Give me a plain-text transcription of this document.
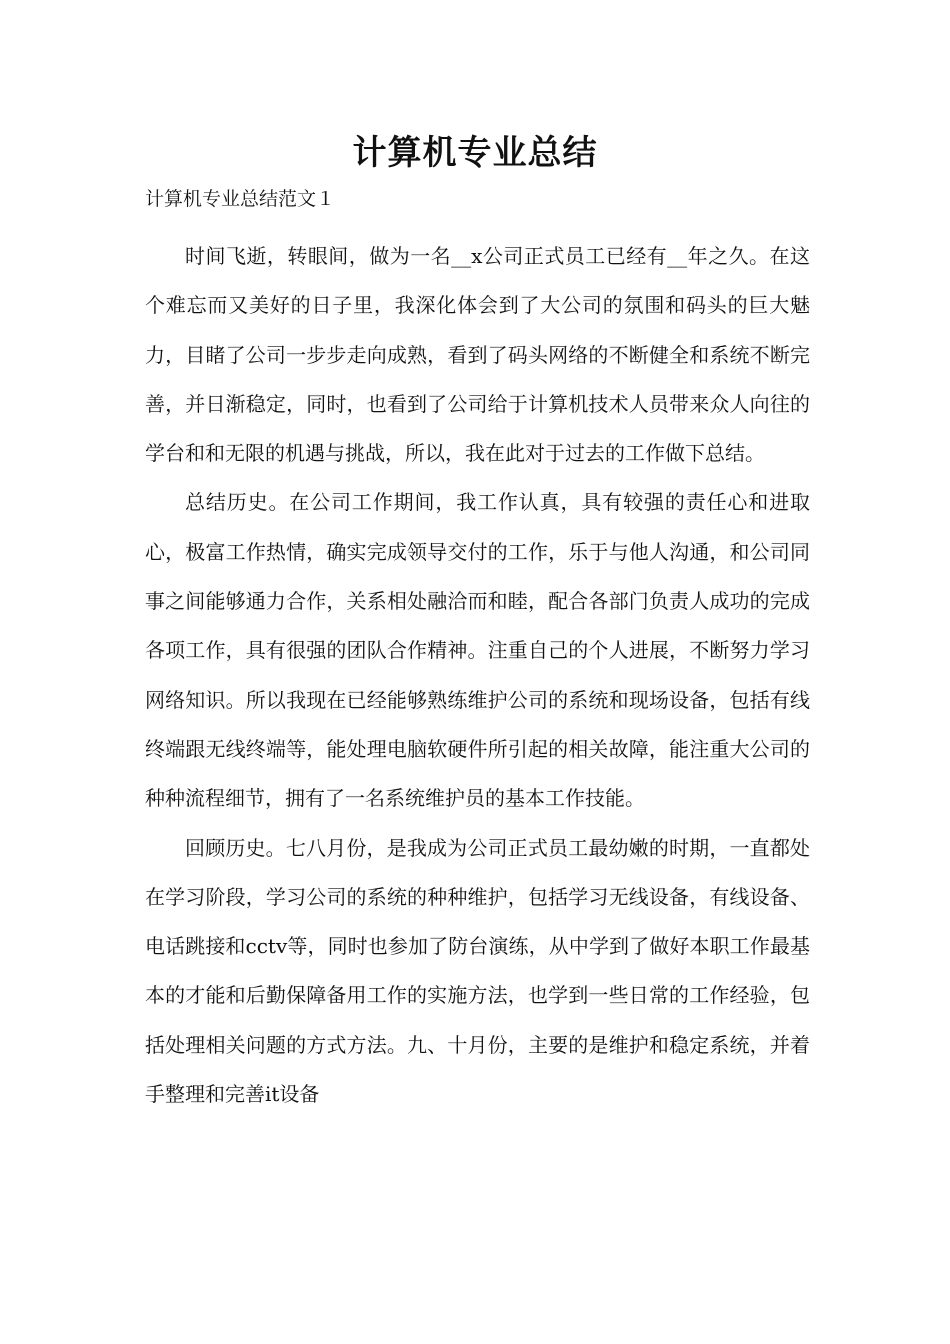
计算机专业总结
计算机专业总结范文１

时间飞逝，转眼间，做为一名__x公司正式员工已经有__年之久。在这个难忘而又美好的日子里，我深化体会到了大公司的氛围和码头的巨大魅力，目睹了公司一步步走向成熟，看到了码头网络的不断健全和系统不断完善，并日渐稳定，同时，也看到了公司给于计算机技术人员带来众人向往的学台和和无限的机遇与挑战，所以，我在此对于过去的工作做下总结。

总结历史。在公司工作期间，我工作认真，具有较强的责任心和进取心，极富工作热情，确实完成领导交付的工作，乐于与他人沟通，和公司同事之间能够通力合作，关系相处融洽而和睦，配合各部门负责人成功的完成各项工作，具有很强的团队合作精神。注重自己的个人进展，不断努力学习网络知识。所以我现在已经能够熟练维护公司的系统和现场设备，包括有线终端跟无线终端等，能处理电脑软硬件所引起的相关故障，能注重大公司的种种流程细节，拥有了一名系统维护员的基本工作技能。

回顾历史。七八月份，是我成为公司正式员工最幼嫩的时期，一直都处在学习阶段，学习公司的系统的种种维护，包括学习无线设备，有线设备、电话跳接和cctv等，同时也参加了防台演练，从中学到了做好本职工作最基本的才能和后勤保障备用工作的实施方法，也学到一些日常的工作经验，包括处理相关问题的方式方法。九、十月份，主要的是维护和稳定系统，并着手整理和完善it设备
